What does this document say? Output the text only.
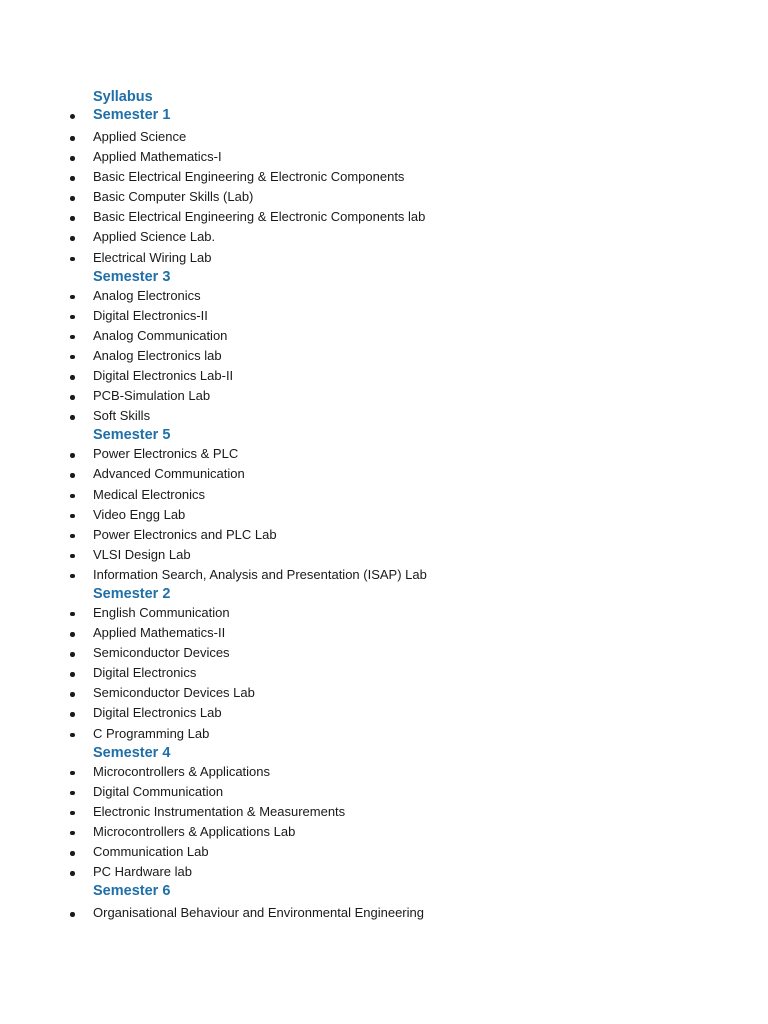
Syllabus
Semester 1
Applied Science
Applied Mathematics-I
Basic Electrical Engineering & Electronic Components
Basic Computer Skills (Lab)
Basic Electrical Engineering & Electronic Components lab
Applied Science Lab.
Electrical Wiring Lab
Semester 3
Analog Electronics
Digital Electronics-II
Analog Communication
Analog Electronics lab
Digital Electronics Lab-II
PCB-Simulation Lab
Soft Skills
Semester 5
Power Electronics & PLC
Advanced Communication
Medical Electronics
Video Engg Lab
Power Electronics and PLC Lab
VLSI Design Lab
Information Search, Analysis and Presentation (ISAP) Lab
Semester 2
English Communication
Applied Mathematics-II
Semiconductor Devices
Digital Electronics
Semiconductor Devices Lab
Digital Electronics Lab
C Programming Lab
Semester 4
Microcontrollers & Applications
Digital Communication
Electronic Instrumentation & Measurements
Microcontrollers & Applications Lab
Communication Lab
PC Hardware lab
Semester 6
Organisational Behaviour and Environmental Engineering
